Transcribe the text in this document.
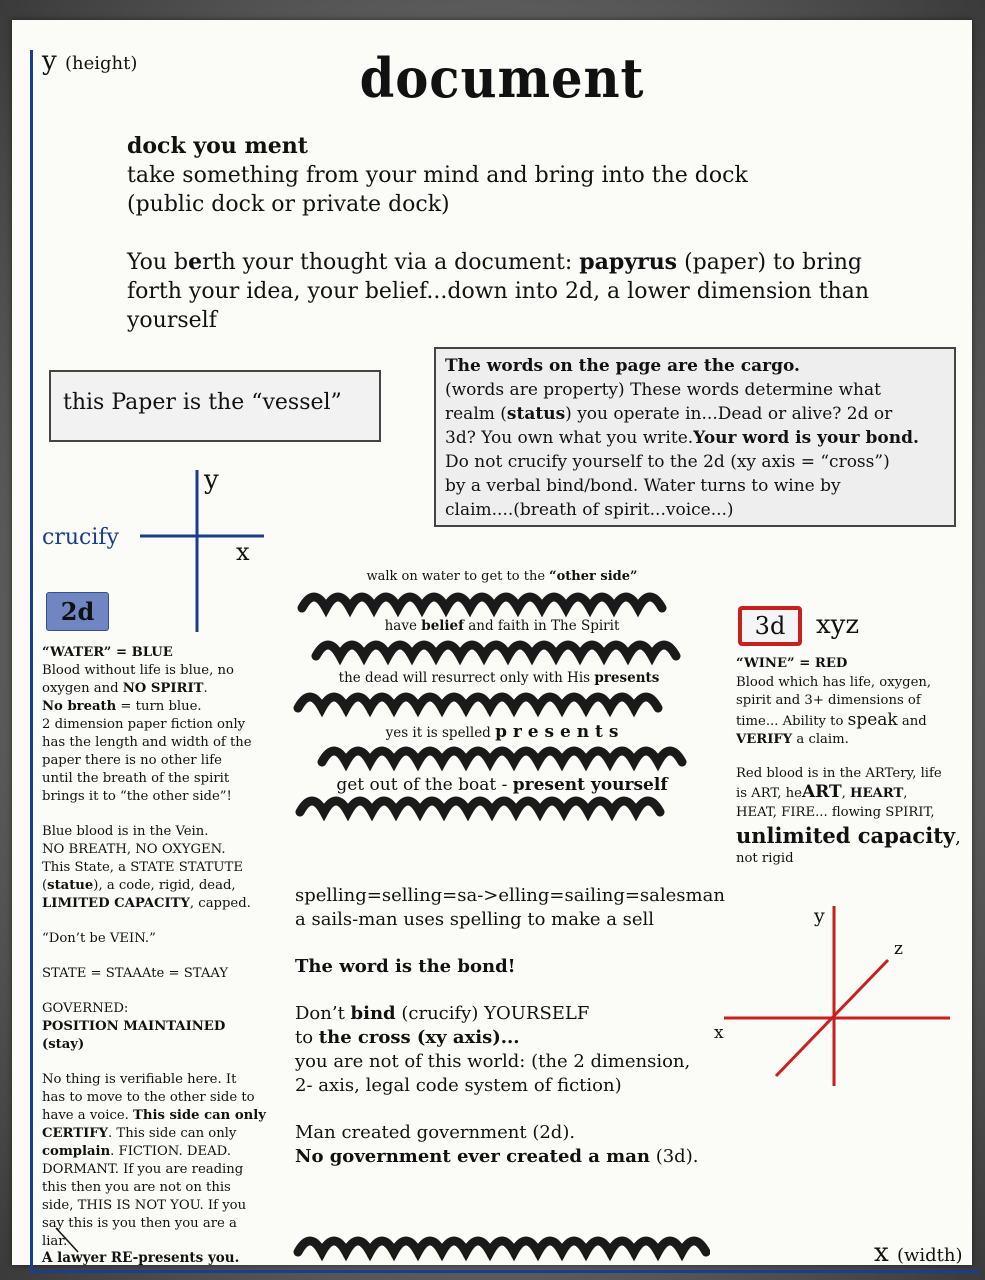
y (height)	document
dock you ment
take something from your mind and bring into the dock
(public dock or private dock)
You berth your thought via a document: papyrus (paper) to bring
forth your idea, your belief...down into 2d, a lower dimension than
yourself
this Paper is the “vessel”
The words on the page are the cargo.
(words are property) These words determine what
realm (status) you operate in...Dead or alive? 2d or
3d? You own what you write.Your word is your bond.
Do not crucify yourself to the 2d (xy axis = “cross”)
by a verbal bind/bond. Water turns to wine by
claim....(breath of spirit...voice...)
y
x
crucify
2d

“WATER” = BLUE
Blood without life is blue, no
oxygen and NO SPIRIT.
No breath = turn blue.
2 dimension paper fiction only
has the length and width of the
paper there is no other life
until the breath of the spirit
brings it to “the other side”!

Blue blood is in the Vein.
NO BREATH, NO OXYGEN.
This State, a STATE STATUTE
(statue), a code, rigid, dead,
LIMITED CAPACITY, capped.

“Don’t be VEIN.”

STATE = STAAAte = STAAY

GOVERNED:
POSITION MAINTAINED (stay)

No thing is verifiable here. It
has to move to the other side to
have a voice. This side can only
CERTIFY. This side can only
complain. FICTION. DEAD.
DORMANT. If you are reading
this then you are not on this
side, THIS IS NOT YOU. If you
say this is you then you are a
liar.

A lawyer RE-presents you.
walk on water to get to the “other side”
have belief and faith in The Spirit
the dead will resurrect only with His presents
yes it is spelled p r e s e n t s
get out of the boat - present yourself
3d	xyz

“WINE” = RED
Blood which has life, oxygen,
spirit and 3+ dimensions of
time... Ability to speak and
VERIFY a claim.

Red blood is in the ARTery, life
is ART, heART, HEART,
HEAT, FIRE... flowing SPIRIT,
unlimited capacity,
not rigid

y
z
x

spelling=selling=sa->elling=sailing=salesman
a sails-man uses spelling to make a sell

The word is the bond!

Don’t bind (crucify) YOURSELF
to the cross (xy axis)...
you are not of this world: (the 2 dimension,
2- axis, legal code system of fiction)

Man created government (2d).
No government ever created a man (3d).

x (width)
